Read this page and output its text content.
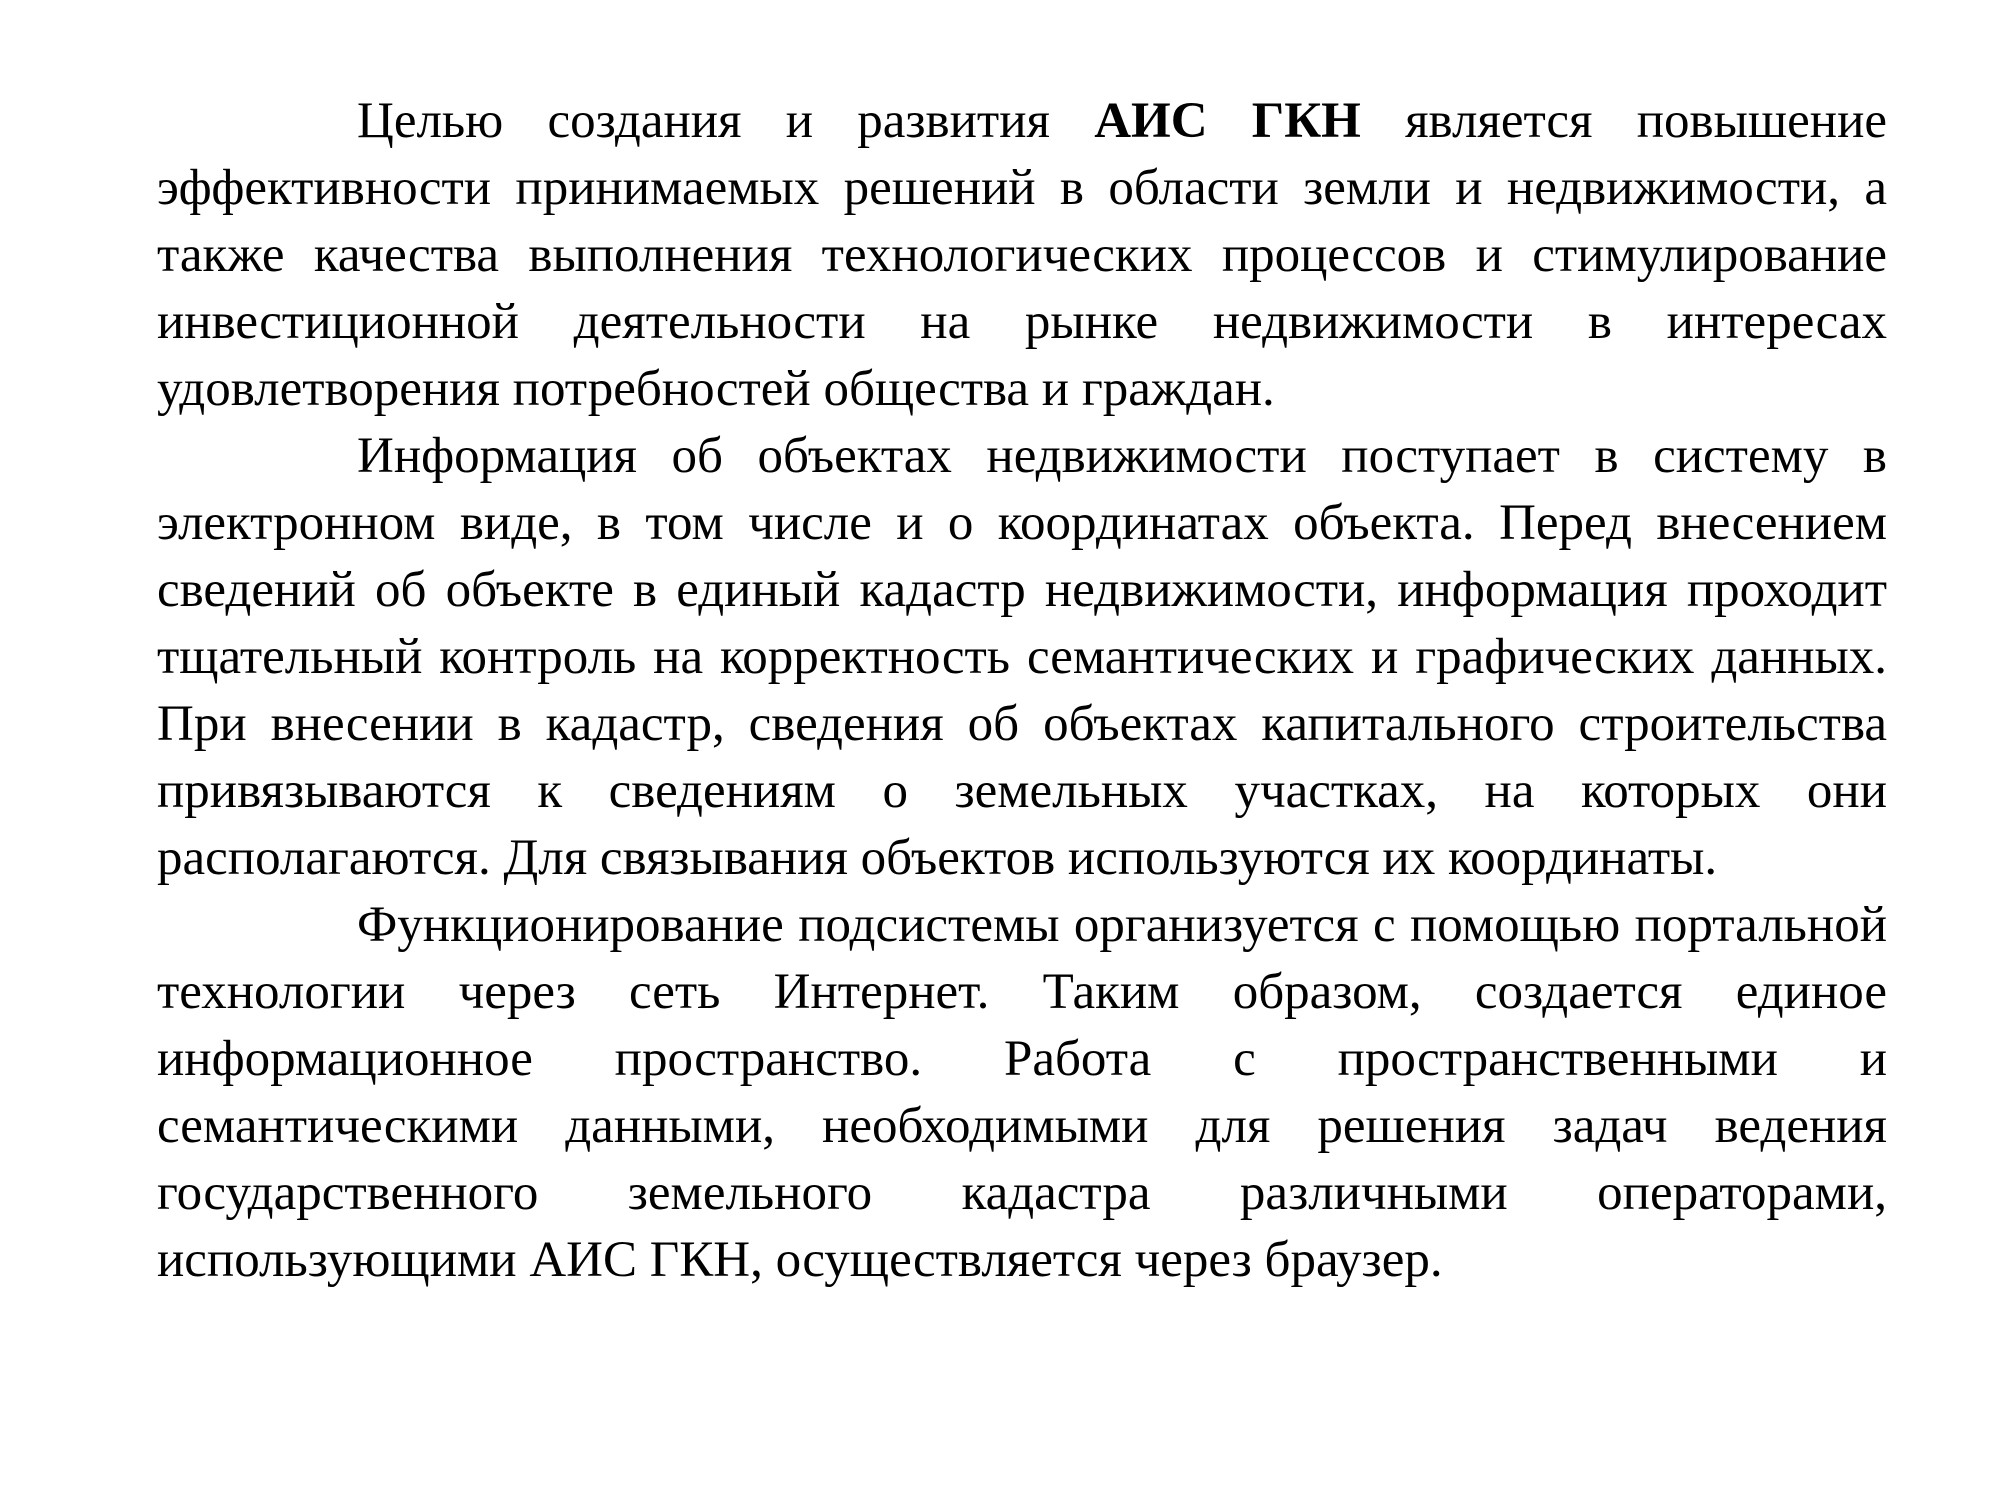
Целью создания и развития АИС ГКН является повышение эффективности принимаемых решений в области земли и недвижимости, а также качества выполнения технологических процессов и стимулирование инвестиционной деятельности на рынке недвижимости в интересах удовлетворения потребностей общества и граждан.

Информация об объектах недвижимости поступает в систему в электронном виде, в том числе и о координатах объекта. Перед внесением сведений об объекте в единый кадастр недвижимости, информация проходит тщательный контроль на корректность семантических и графических данных. При внесении в кадастр, сведения об объектах капитального строительства привязываются к сведениям о земельных участках, на которых они располагаются. Для связывания объектов используются их координаты.

Функционирование подсистемы организуется с помощью портальной технологии через сеть Интернет. Таким образом, создается единое информационное пространство. Работа с пространственными и семантическими данными, необходимыми для решения задач ведения государственного земельного кадастра различными операторами, использующими АИС ГКН, осуществляется через браузер.
